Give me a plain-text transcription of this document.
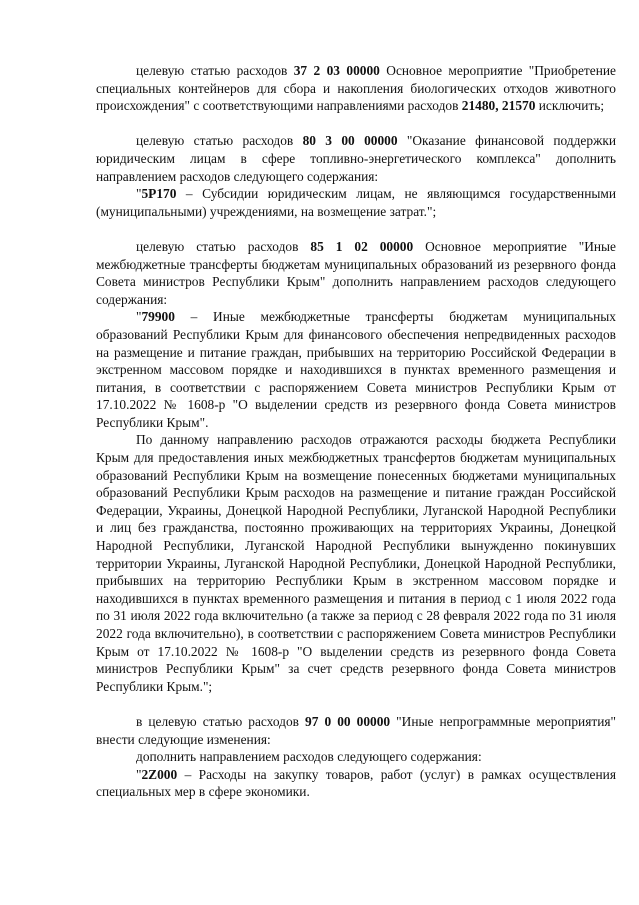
целевую статью расходов 37 2 03 00000 Основное мероприятие "Приобретение специальных контейнеров для сбора и накопления биологических отходов животного происхождения" с соответствующими направлениями расходов 21480, 21570 исключить;

целевую статью расходов 80 3 00 00000 "Оказание финансовой поддержки юридическим лицам в сфере топливно-энергетического комплекса" дополнить направлением расходов следующего содержания:

"5Р170 – Субсидии юридическим лицам, не являющимся государственными (муниципальными) учреждениями, на возмещение затрат.";

целевую статью расходов 85 1 02 00000 Основное мероприятие "Иные межбюджетные трансферты бюджетам муниципальных образований из резервного фонда Совета министров Республики Крым" дополнить направлением расходов следующего содержания:

"79900 – Иные межбюджетные трансферты бюджетам муниципальных образований Республики Крым для финансового обеспечения непредвиденных расходов на размещение и питание граждан, прибывших на территорию Российской Федерации в экстренном массовом порядке и находившихся в пунктах временного размещения и питания, в соответствии с распоряжением Совета министров Республики Крым от 17.10.2022 № 1608-р "О выделении средств из резервного фонда Совета министров Республики Крым".

По данному направлению расходов отражаются расходы бюджета Республики Крым для предоставления иных межбюджетных трансфертов бюджетам муниципальных образований Республики Крым на возмещение понесенных бюджетами муниципальных образований Республики Крым расходов на размещение и питание граждан Российской Федерации, Украины, Донецкой Народной Республики, Луганской Народной Республики и лиц без гражданства, постоянно проживающих на территориях Украины, Донецкой Народной Республики, Луганской Народной Республики вынужденно покинувших территории Украины, Луганской Народной Республики, Донецкой Народной Республики, прибывших на территорию Республики Крым в экстренном массовом порядке и находившихся в пунктах временного размещения и питания в период с 1 июля 2022 года по 31 июля 2022 года включительно (а также за период с 28 февраля 2022 года по 31 июля 2022 года включительно), в соответствии с распоряжением Совета министров Республики Крым от 17.10.2022 № 1608-р "О выделении средств из резервного фонда Совета министров Республики Крым" за счет средств резервного фонда Совета министров Республики Крым.";

в целевую статью расходов 97 0 00 00000 "Иные непрограммные мероприятия" внести следующие изменения:

дополнить направлением расходов следующего содержания:

"2Z000 – Расходы на закупку товаров, работ (услуг) в рамках осуществления специальных мер в сфере экономики.
